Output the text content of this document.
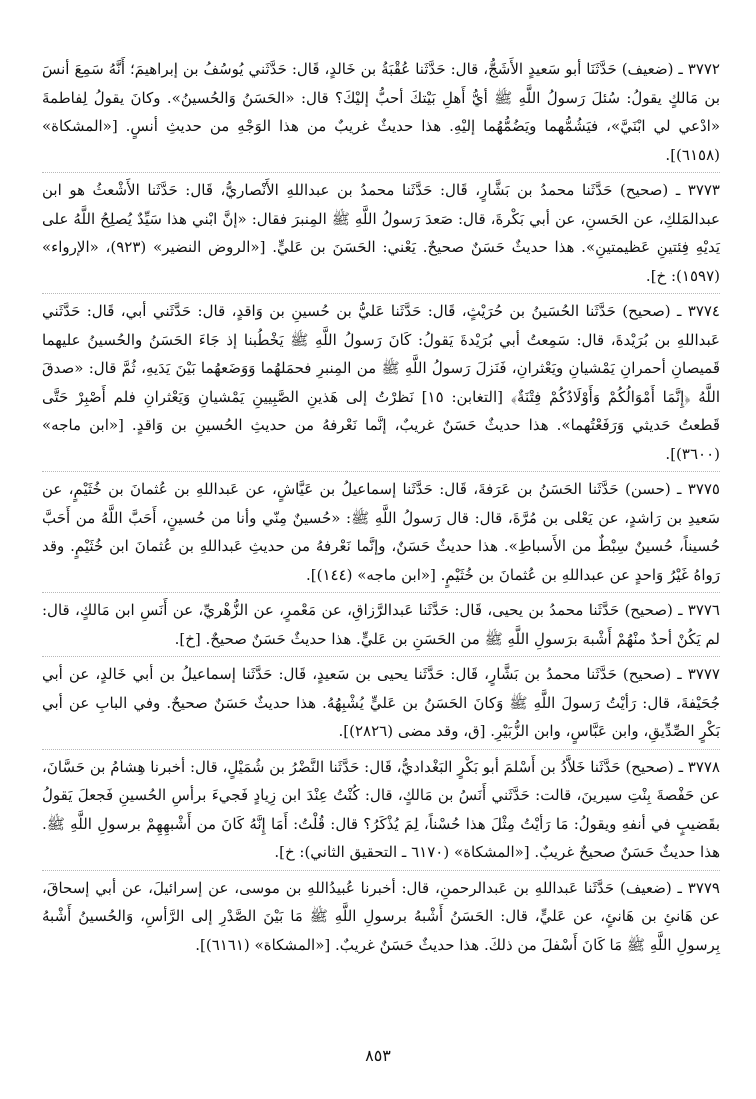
٣٧٧٢ ـ (ضعيف) حَدَّثَنَا أبو سَعيدٍ الأَشَجُّ، قال: حَدَّثَنا عُقْبَةُ بن خَالدٍ، قَال: حَدَّثَني يُوسُفُ بن إبراهيمَ؛ أَنَّهُ سَمِعَ أنسَ بن مَالكٍ يقولُ: سُئلَ رَسولُ اللَّهِ ﷺ أيُّ أَهلِ بَيْتكَ أحبُّ إليْكَ؟ قال: «الحَسَنُ وَالحُسينُ». وكانَ يقولُ لِفاطمةَ «ادْعي لي ابْنَيَّ»، فيَشُمُّهما ويَضُمُّهُما إليْهِ. هذا حديثٌ غريبٌ من هذا الوَجْهِ من حديثِ أنسٍ. [«المشكاة» (٦١٥٨)].

٣٧٧٣ ـ (صحيح) حَدَّثَنا محمدُ بن بَشَّارٍ، قَال: حَدَّثَنا محمدُ بن عبداللهِ الأَنْصاريُّ، قَال: حَدَّثَنا الأَشْعثُ هو ابن عبدالمَلكِ، عن الحَسنِ، عن أبي بَكْرةَ، قال: صَعدَ رَسولُ اللَّهِ ﷺ المِنبرَ فقال: «إنَّ ابْني هذا سَيِّدٌ يُصلِحُ اللَّهُ على يَديْهِ فِئتينِ عَظيمتينِ». هذا حديثٌ حَسَنٌ صحيحٌ. يَعْني: الحَسَنَ بن عَليٍّ. [«الروض النضير» (٩٢٣)، «الإرواء» (١٥٩٧): خ].

٣٧٧٤ ـ (صحيح) حَدَّثَنا الحُسَينُ بن حُرَيْثٍ، قَال: حَدَّثَنا عَليُّ بن حُسينِ بن وَاقدٍ، قال: حَدَّثَني أبي، قَال: حَدَّثَني عَبداللهِ بن بُرَيْدةَ، قال: سَمِعتُ أبي بُرَيْدةَ يَقولُ: كَانَ رَسولُ اللَّهِ ﷺ يَخْطُبنا إذ جَاءَ الحَسَنُ والحُسينُ عليهما قَميصانِ أحمرانِ يَمْشيانِ ويَعْثرانِ، فَنَزلَ رَسولُ اللَّهِ ﷺ من المِنبرِ فحمَلهُما وَوَضَعهُما بَيْنَ يَدَيهِ، ثُمَّ قال: «صدقَ اللَّهُ ﴿إِنَّمَا أَمْوَالُكُمْ وَأَوْلَادُكُمْ فِتْنَةٌ﴾ [التغابن: ١٥] نَظرْتُ إلى هَذينِ الصَّبِيينِ يَمْشيانِ وَيَعْثرانِ فلم أَصْبِرْ حَتَّى قَطعتُ حَديثي وَرَفَعْتُهما». هذا حديثٌ حَسَنٌ غريبٌ، إنَّما نَعْرفهُ من حديثِ الحُسينِ بن وَاقدٍ. [«ابن ماجه» (٣٦٠٠)].

٣٧٧٥ ـ (حسن) حَدَّثَنا الحَسَنُ بن عَرَفةَ، قَال: حَدَّثَنا إسماعيلُ بن عَيَّاشٍ، عن عَبداللهِ بن عُثمانَ بن خُثَيْمٍ، عن سَعيدِ بن رَاشدٍ، عن يَعْلى بن مُرَّةَ، قال: قال رَسولُ اللَّهِ ﷺ: «حُسينٌ مِنّي وأنا من حُسينٍ، أَحَبَّ اللَّهُ من أَحَبَّ حُسيناً، حُسينٌ سِبْطٌ من الأَسباطِ». هذا حديثٌ حَسَنٌ، وإنَّما نَعْرفهُ من حديثِ عَبداللهِ بن عُثمانَ ابن خُثَيْمٍ. وقد رَواهُ غَيْرُ وَاحدٍ عن عبداللهِ بن عُثمانَ بن خُثَيْمٍ. [«ابن ماجه» (١٤٤)].

٣٧٧٦ ـ (صحيح) حَدَّثَنا محمدُ بن يحيى، قَال: حَدَّثَنا عَبدالرَّزاقِ، عن مَعْمرٍ، عن الزُّهْريِّ، عن أَنَسِ ابن مَالكٍ، قال: لم يَكُنْ أحدٌ منْهُمْ أَشْبهَ برَسولِ اللَّهِ ﷺ من الحَسَنِ بن عَليٍّ. هذا حديثٌ حَسَنٌ صحيحٌ. [خ].

٣٧٧٧ ـ (صحيح) حَدَّثَنا محمدُ بن بَشَّارٍ، قَال: حَدَّثَنا يحيى بن سَعيدٍ، قَال: حَدَّثَنا إسماعيلُ بن أبي خَالدٍ، عن أبي جُحَيْفةَ، قال: رَأيْتُ رَسولَ اللَّهِ ﷺ وَكانَ الحَسَنُ بن عَليٍّ يُشْبِهُهُ. هذا حديثٌ حَسَنٌ صحيحٌ. وفي البابِ عن أبي بَكْرٍ الصِّدِّيقِ، وابن عَبَّاسٍ، وابن الزُّبَيْرِ. [ق، وقد مضى (٢٨٢٦)].

٣٧٧٨ ـ (صحيح) حَدَّثَنا خَلاَّدُ بن أَسْلمَ أبو بَكْرٍ البَغْداديُّ، قَال: حَدَّثَنا النَّضْرُ بن شُمَيْلٍ، قال: أخبرنا هِشامُ بن حَسَّانَ، عن حَفْصةَ بِنْتِ سيرينَ، قالت: حَدَّثَني أَنَسُ بن مَالكٍ، قال: كُنْتُ عِنْدَ ابن زِيادٍ فَجيءَ برأسِ الحُسينِ فَجعلَ يَقولُ بقَضيبٍ في أنفهِ ويقولُ: مَا رَأيْتُ مِثْلَ هذا حُسْناً، لِمَ يُذْكَرُ؟ قال: قُلْتُ: أَمَا إِنَّهُ كَانَ من أَشْبهِهِمْ برسولِ اللَّهِ ﷺ. هذا حديثٌ حَسَنٌ صحيحٌ غريبٌ. [«المشكاة» (٦١٧٠ ـ التحقيق الثاني): خ].

٣٧٧٩ ـ (ضعيف) حَدَّثَنا عَبداللهِ بن عَبدالرحمنِ، قال: أخبرنا عُبيدُاللهِ بن موسى، عن إسرائيلَ، عن أبي إسحاقَ، عن هَانئِ بن هَانئٍ، عن عَليٍّ، قال: الحَسَنُ أَشْبهُ برسولِ اللَّهِ ﷺ مَا بَيْنَ الصَّدْرِ إلى الرَّأسِ، وَالحُسينُ أَشْبهُ بِرسولِ اللَّهِ ﷺ مَا كَانَ أَسْفلَ من ذلكَ. هذا حديثٌ حَسَنٌ غريبٌ. [«المشكاة» (٦١٦١)].

٨٥٣
